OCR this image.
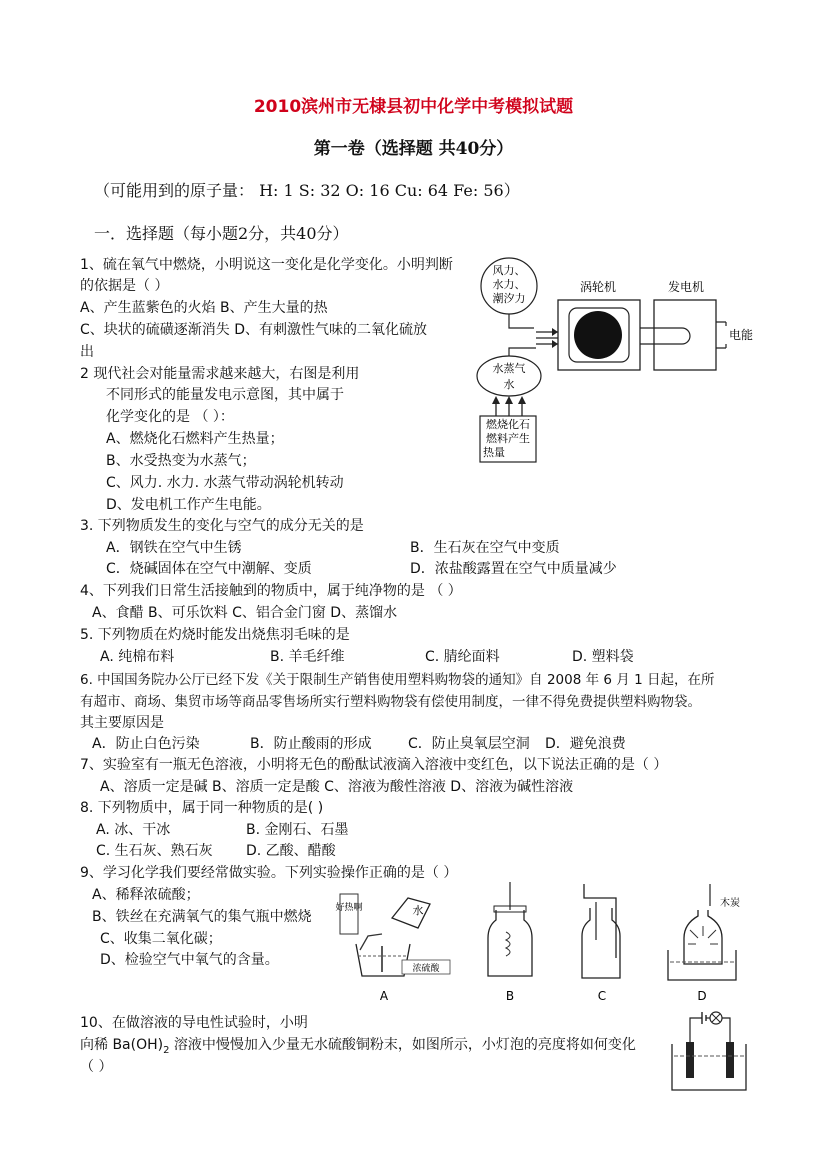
2010滨州市无棣县初中化学中考模拟试题
第一卷（选择题 共40分）
（可能用到的原子量： H: 1 S: 32 O: 16 Cu: 64 Fe: 56）
一．选择题（每小题2分，共40分）
1、硫在氧气中燃烧，小明说这一变化是化学变化。小明判断
的依据是（ ）
A、产生蓝紫色的火焰 B、产生大量的热
C、块状的硫磺逐渐消失 D、有刺激性气味的二氧化硫放
出
2 现代社会对能量需求越来越大，右图是利用
不同形式的能量发电示意图，其中属于
化学变化的是 （ ）：
A、燃烧化石燃料产生热量；
B、水受热变为水蒸气；
C、风力. 水力. 水蒸气带动涡轮机转动
D、发电机工作产生电能。
风力、
水力、
潮汐力
涡轮机	发电机
电能
水蒸气
水
燃烧化石
燃料产生
热量
3. 下列物质发生的变化与空气的成分无关的是
A．钢铁在空气中生锈	B．生石灰在空气中变质
C．烧碱固体在空气中潮解、变质	D．浓盐酸露置在空气中质量减少
4、下列我们日常生活接触到的物质中，属于纯净物的是 （ ）
A、食醋 B、可乐饮料 C、铝合金门窗 D、蒸馏水
5. 下列物质在灼烧时能发出烧焦羽毛味的是
A. 纯棉布料	B. 羊毛纤维	C. 腈纶面料	D. 塑料袋
6. 中国国务院办公厅已经下发《关于限制生产销售使用塑料购物袋的通知》自 2008 年 6 月 1 日起，在所
有超市、商场、集贸市场等商品零售场所实行塑料购物袋有偿使用制度，一律不得免费提供塑料购物袋。
其主要原因是
A．防止白色污染	B．防止酸雨的形成	C．防止臭氧层空洞 D．避免浪费
7、实验室有一瓶无色溶液，小明将无色的酚酞试液滴入溶液中变红色，以下说法正确的是（ ）
A、溶质一定是碱 B、溶质一定是酸 C、溶液为酸性溶液 D、溶液为碱性溶液
8. 下列物质中，属于同一种物质的是( )
A. 冰、干冰	B. 金刚石、石墨
C. 生石灰、熟石灰 D. 乙酸、醋酸
9、学习化学我们要经常做实验。下列实验操作正确的是（ ）
A、稀释浓硫酸；
B、铁丝在充满氧气的集气瓶中燃烧
C、收集二氧化碳；
D、检验空气中氧气的含量。
好热啊	水
浓硫酸
A	B	C
木炭
D
10、在做溶液的导电性试验时，小明
向稀 $Ba(OH)_2$ 溶液中慢慢加入少量无水硫酸铜粉末，如图所示，小灯泡的亮度将如何变化
（ ）
